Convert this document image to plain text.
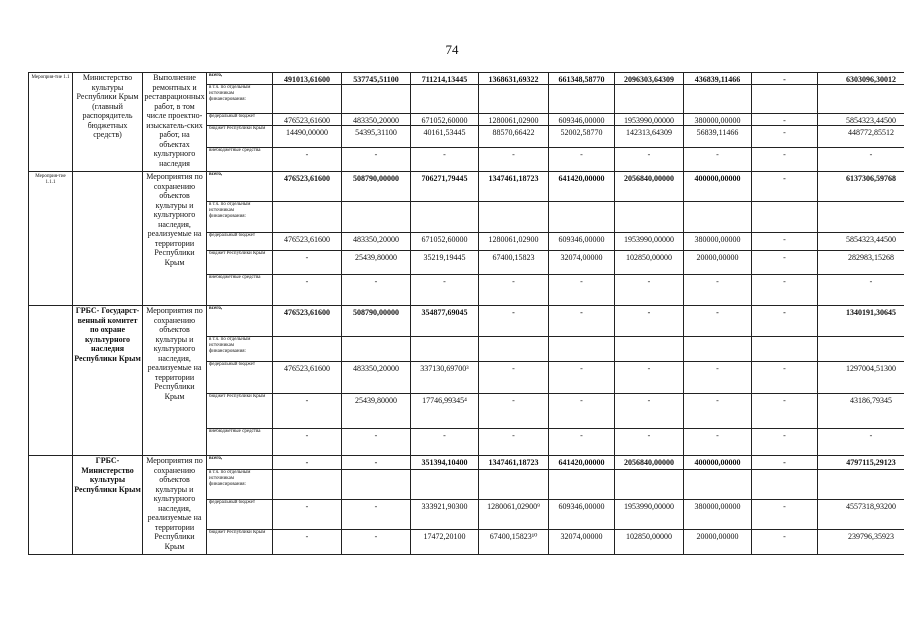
74
Мероприя-тие 1.1	Министерство культуры Республики Крым (главный распорядитель бюджетных средств)	Выполнение ремонтных и реставрационных работ, в том числе проектно-изыскатель-ских работ, на объектах культурного наследия	всего,	491013,61600	537745,51100	711214,13445	1368631,69322	661348,58770	2096303,64309	436839,11466	-	6303096,30012
			в т.ч. по отдельным источникам финансирования:									
			федеральный бюджет	476523,61600	483350,20000	671052,60000	1280061,02900	609346,00000	1953990,00000	380000,00000	-	5854323,44500
			бюджет Республики Крым	14490,00000	54395,31100	40161,53445	88570,66422	52002,58770	142313,64309	56839,11466	-	448772,85512
			внебюджетные средства	-	-	-	-	-	-	-	-	-
Мероприя-тие 1.1.1		Мероприятия по сохранению объектов культуры и культурного наследия, реализуемые на территории Республики Крым	всего,	476523,61600	508790,00000	706271,79445	1347461,18723	641420,00000	2056840,00000	400000,00000	-	6137306,59768
			в т.ч. по отдельным источникам финансирования:									
			федеральный бюджет	476523,61600	483350,20000	671052,60000	1280061,02900	609346,00000	1953990,00000	380000,00000	-	5854323,44500
			бюджет Республики Крым	-	25439,80000	35219,19445	67400,15823	32074,00000	102850,00000	20000,00000	-	282983,15268
			внебюджетные средства	-	-	-	-	-	-	-	-	-
	ГРБС- Государст-венный комитет по охране культурного наследия Республики Крым	Мероприятия по сохранению объектов культуры и культурного наследия, реализуемые на территории Республики Крым	всего,	476523,61600	508790,00000	354877,69045	-	-	-	-	-	1340191,30645
			в т.ч. по отдельным источникам финансирования:									
			федеральный бюджет	476523,61600	483350,20000	337130,69700³	-	-	-	-	-	1297004,51300
			бюджет Республики Крым	-	25439,80000	17746,99345⁴	-	-	-	-	-	43186,79345
			внебюджетные средства	-	-	-	-	-	-	-	-	-
	ГРБС- Министерство культуры Республики Крым	Мероприятия по сохранению объектов культуры и культурного наследия, реализуемые на территории Республики Крым	всего,	-	-	351394,10400	1347461,18723	641420,00000	2056840,00000	400000,00000	-	4797115,29123
			в т.ч. по отдельным источникам финансирования:									
			федеральный бюджет	-	-	333921,90300	1280061,02900⁹	609346,00000	1953990,00000	380000,00000	-	4557318,93200
			бюджет Республики Крым	-	-	17472,20100	67400,15823¹⁰	32074,00000	102850,00000	20000,00000	-	239796,35923
